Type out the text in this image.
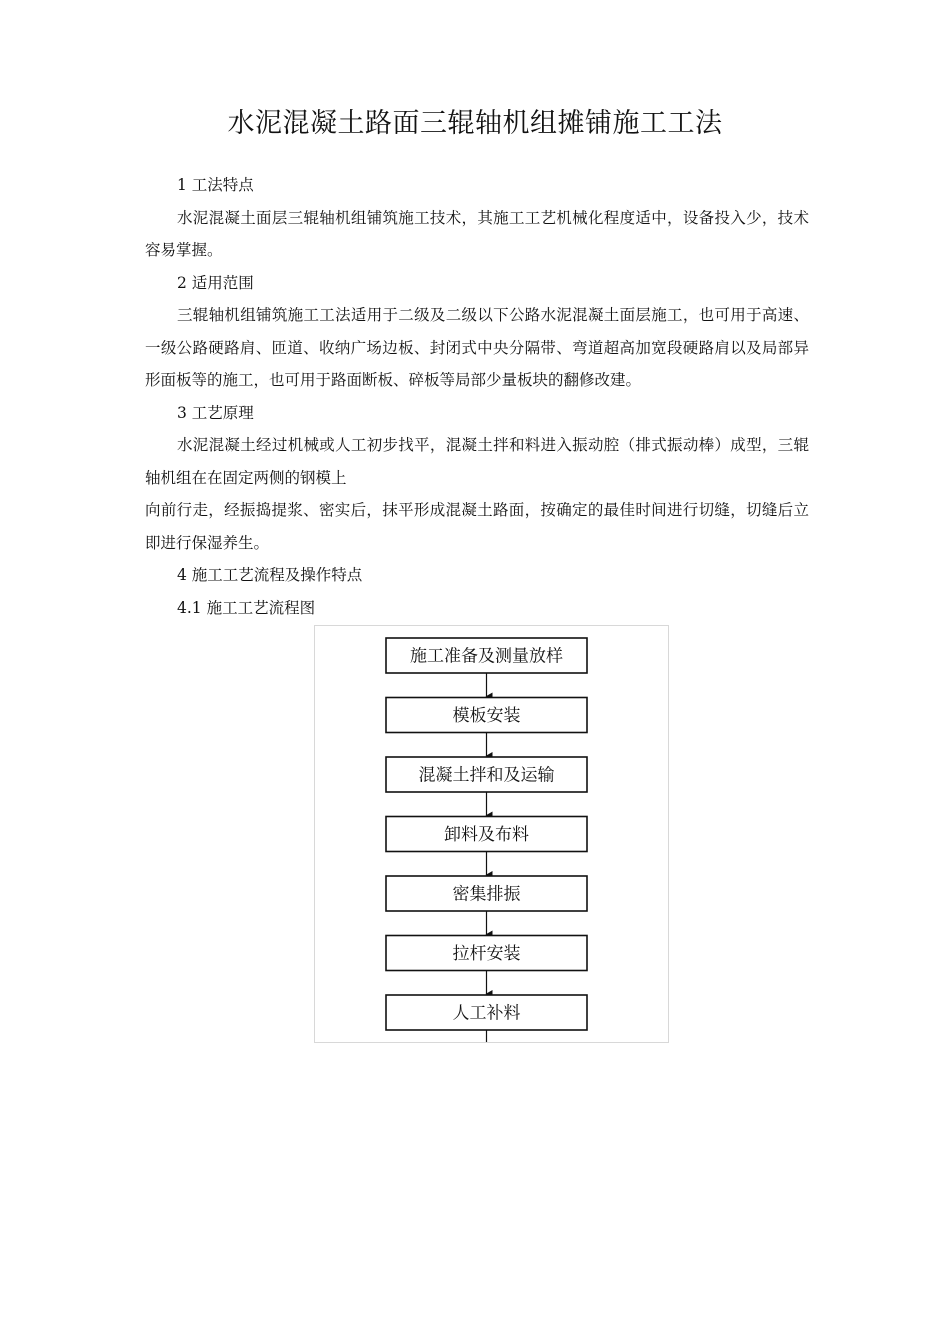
水泥混凝土路面三辊轴机组摊铺施工工法

1 工法特点

水泥混凝土面层三辊轴机组铺筑施工技术，其施工工艺机械化程度适中，设备投入少，技术容易掌握。

2 适用范围

三辊轴机组铺筑施工工法适用于二级及二级以下公路水泥混凝土面层施工，也可用于高速、一级公路硬路肩、匝道、收纳广场边板、封闭式中央分隔带、弯道超高加宽段硬路肩以及局部异形面板等的施工，也可用于路面断板、碎板等局部少量板块的翻修改建。

3 工艺原理

水泥混凝土经过机械或人工初步找平，混凝土拌和料进入振动腔（排式振动棒）成型，三辊轴机组在在固定两侧的钢模上

向前行走，经振捣提浆、密实后，抹平形成混凝土路面，按确定的最佳时间进行切缝，切缝后立即进行保湿养生。

4 施工工艺流程及操作特点

4.1 施工工艺流程图

施工准备及测量放样
模板安装
混凝土拌和及运输
卸料及布料
密集排振
拉杆安装
人工补料
